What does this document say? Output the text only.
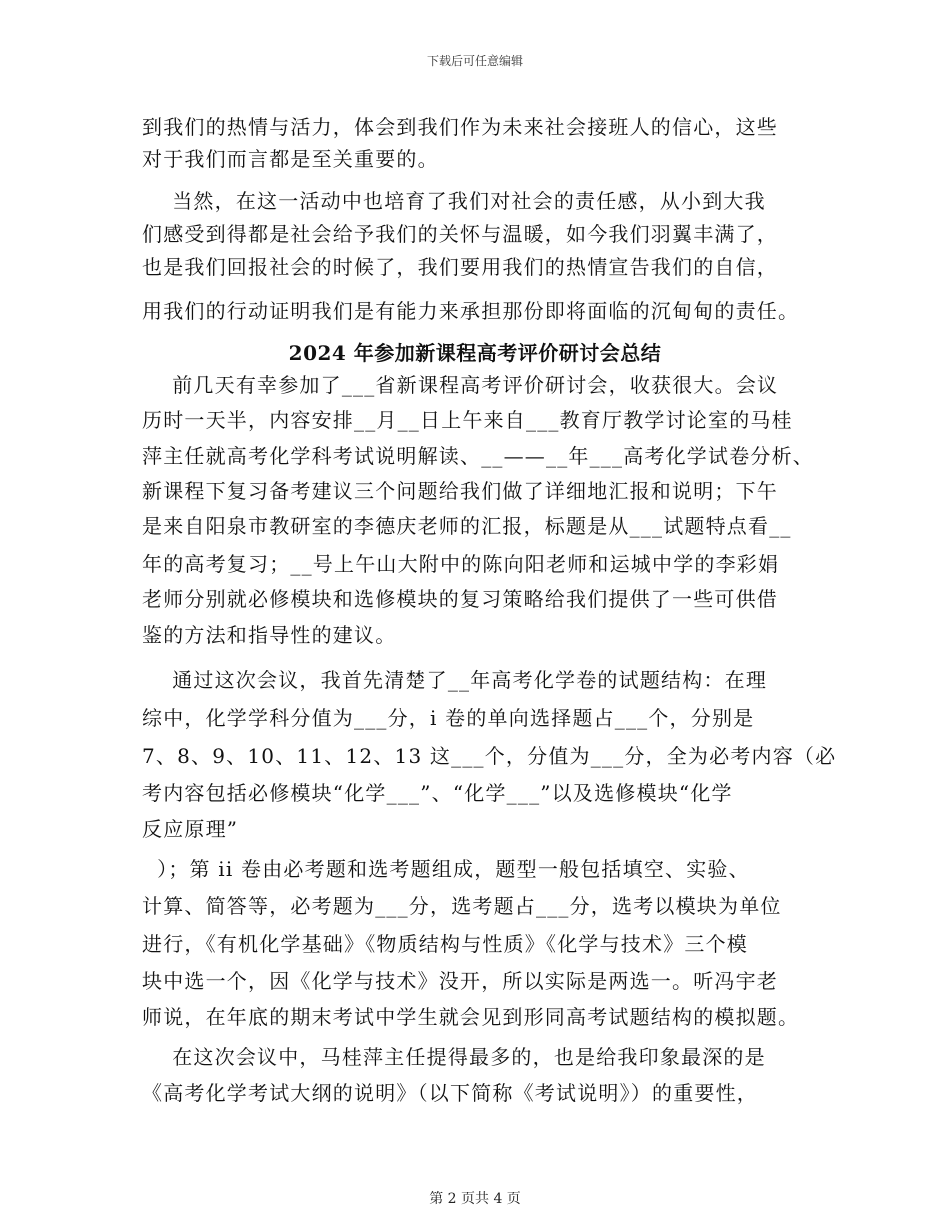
下载后可任意编辑
到我们的热情与活力，体会到我们作为未来社会接班人的信心，这些
对于我们而言都是至关重要的。
当然，在这一活动中也培育了我们对社会的责任感，从小到大我
们感受到得都是社会给予我们的关怀与温暖，如今我们羽翼丰满了，
也是我们回报社会的时候了，我们要用我们的热情宣告我们的自信，
用我们的行动证明我们是有能力来承担那份即将面临的沉甸甸的责任。
2024 年参加新课程高考评价研讨会总结
前几天有幸参加了___省新课程高考评价研讨会，收获很大。会议
历时一天半，内容安排__月__日上午来自___教育厅教学讨论室的马桂
萍主任就高考化学科考试说明解读、__——__年___高考化学试卷分析、
新课程下复习备考建议三个问题给我们做了详细地汇报和说明；下午
是来自阳泉市教研室的李德庆老师的汇报，标题是从___试题特点看__
年的高考复习；__号上午山大附中的陈向阳老师和运城中学的李彩娟
老师分别就必修模块和选修模块的复习策略给我们提供了一些可供借
鉴的方法和指导性的建议。
通过这次会议，我首先清楚了__年高考化学卷的试题结构：在理
综中，化学学科分值为___分，i 卷的单向选择题占___个，分别是
7、8、9、10、11、12、13 这___个，分值为___分，全为必考内容（必
考内容包括必修模块“化学___”、“化学___”以及选修模块“化学
反应原理”
）；第 ii 卷由必考题和选考题组成，题型一般包括填空、实验、
计算、简答等，必考题为___分，选考题占___分，选考以模块为单位
进行，《有机化学基础》《物质结构与性质》《化学与技术》三个模
块中选一个，因《化学与技术》没开，所以实际是两选一。听冯宇老
师说，在年底的期末考试中学生就会见到形同高考试题结构的模拟题。
在这次会议中，马桂萍主任提得最多的，也是给我印象最深的是
《高考化学考试大纲的说明》（以下简称《考试说明》）的重要性，
第 2 页共 4 页
